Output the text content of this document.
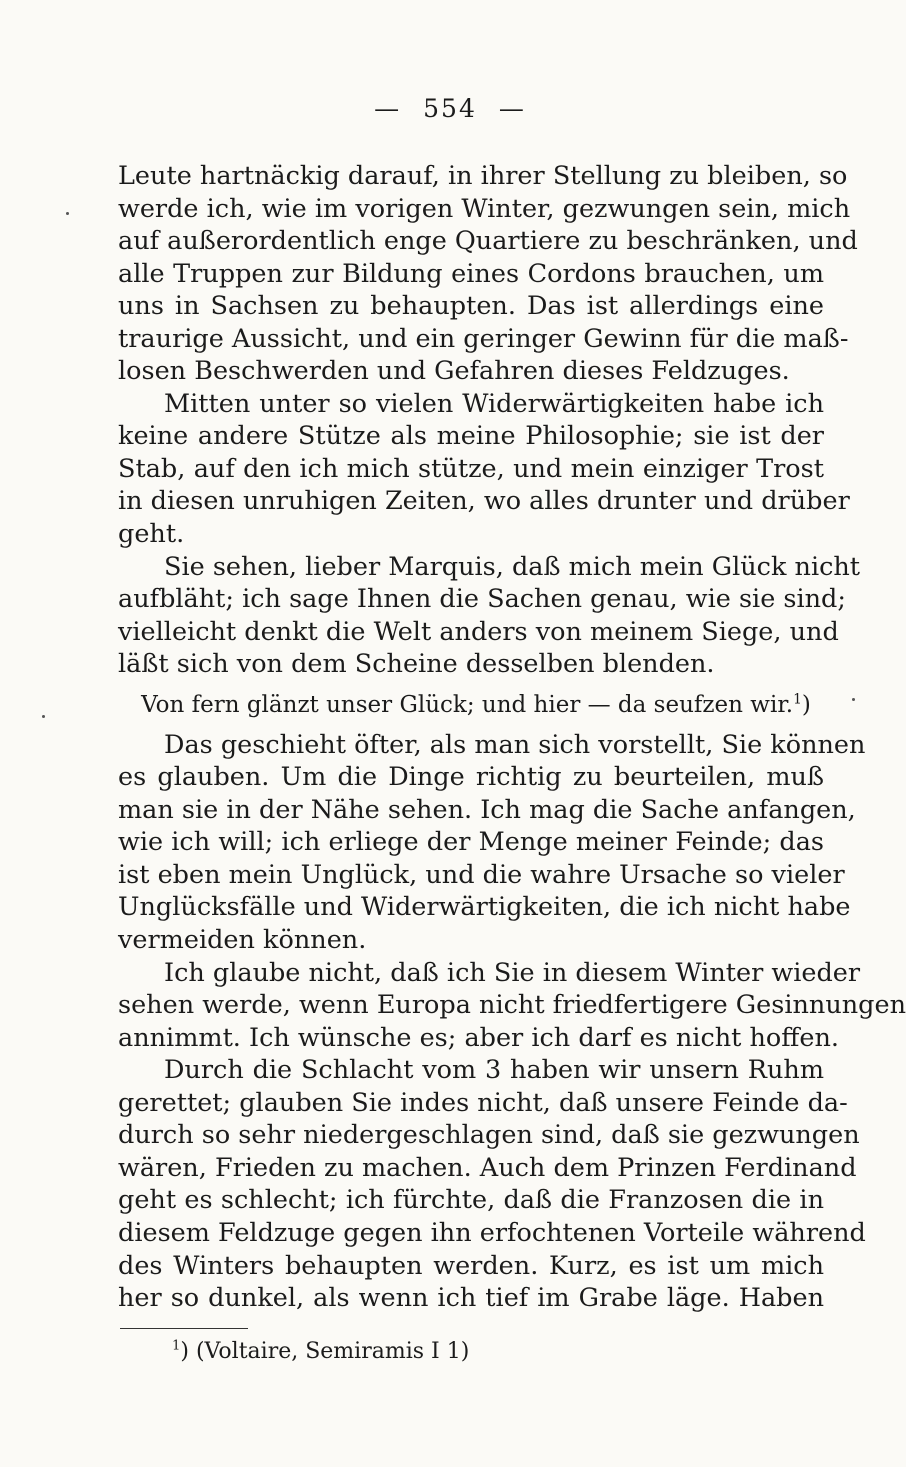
— 554 —
Leute hartnäckig darauf, in ihrer Stellung zu bleiben, so
werde ich, wie im vorigen Winter, gezwungen sein, mich
auf außerordentlich enge Quartiere zu beschränken, und
alle Truppen zur Bildung eines Cordons brauchen, um
uns in Sachsen zu behaupten. Das ist allerdings eine
traurige Aussicht, und ein geringer Gewinn für die maß-
losen Beschwerden und Gefahren dieses Feldzuges.
Mitten unter so vielen Widerwärtigkeiten habe ich
keine andere Stütze als meine Philosophie; sie ist der
Stab, auf den ich mich stütze, und mein einziger Trost
in diesen unruhigen Zeiten, wo alles drunter und drüber
geht.
Sie sehen, lieber Marquis, daß mich mein Glück nicht
aufbläht; ich sage Ihnen die Sachen genau, wie sie sind;
vielleicht denkt die Welt anders von meinem Siege, und
läßt sich von dem Scheine desselben blenden.
Von fern glänzt unser Glück; und hier — da seufzen wir.$^1$)
Das geschieht öfter, als man sich vorstellt, Sie können
es glauben. Um die Dinge richtig zu beurteilen, muß
man sie in der Nähe sehen. Ich mag die Sache anfangen,
wie ich will; ich erliege der Menge meiner Feinde; das
ist eben mein Unglück, und die wahre Ursache so vieler
Unglücksfälle und Widerwärtigkeiten, die ich nicht habe
vermeiden können.
Ich glaube nicht, daß ich Sie in diesem Winter wieder
sehen werde, wenn Europa nicht friedfertigere Gesinnungen
annimmt. Ich wünsche es; aber ich darf es nicht hoffen.
Durch die Schlacht vom 3 haben wir unsern Ruhm
gerettet; glauben Sie indes nicht, daß unsere Feinde da-
durch so sehr niedergeschlagen sind, daß sie gezwungen
wären, Frieden zu machen. Auch dem Prinzen Ferdinand
geht es schlecht; ich fürchte, daß die Franzosen die in
diesem Feldzuge gegen ihn erfochtenen Vorteile während
des Winters behaupten werden. Kurz, es ist um mich
her so dunkel, als wenn ich tief im Grabe läge. Haben
$^1$) (Voltaire, Semiramis I 1)
